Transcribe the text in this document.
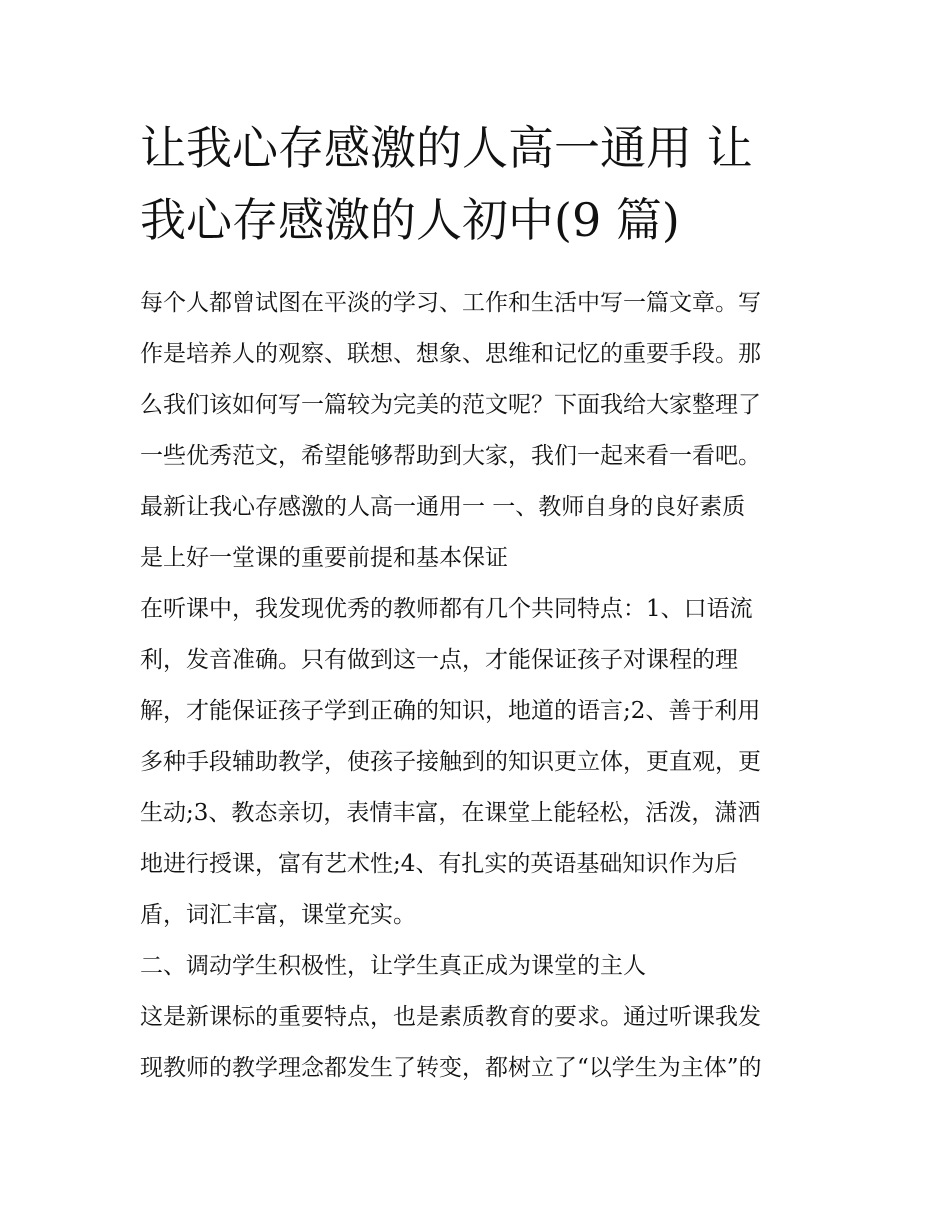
让我心存感激的人高一通用 让
我心存感激的人初中(9 篇)
每个人都曾试图在平淡的学习、工作和生活中写一篇文章。写
作是培养人的观察、联想、想象、思维和记忆的重要手段。那
么我们该如何写一篇较为完美的范文呢？下面我给大家整理了
一些优秀范文，希望能够帮助到大家，我们一起来看一看吧。
最新让我心存感激的人高一通用一 一、教师自身的良好素质
是上好一堂课的重要前提和基本保证
在听课中，我发现优秀的教师都有几个共同特点：1、口语流
利，发音准确。只有做到这一点，才能保证孩子对课程的理
解，才能保证孩子学到正确的知识，地道的语言;2、善于利用
多种手段辅助教学，使孩子接触到的知识更立体，更直观，更
生动;3、教态亲切，表情丰富，在课堂上能轻松，活泼，潇洒
地进行授课，富有艺术性;4、有扎实的英语基础知识作为后
盾，词汇丰富，课堂充实。
二、调动学生积极性，让学生真正成为课堂的主人
这是新课标的重要特点，也是素质教育的要求。通过听课我发
现教师的教学理念都发生了转变，都树立了“以学生为主体”的
